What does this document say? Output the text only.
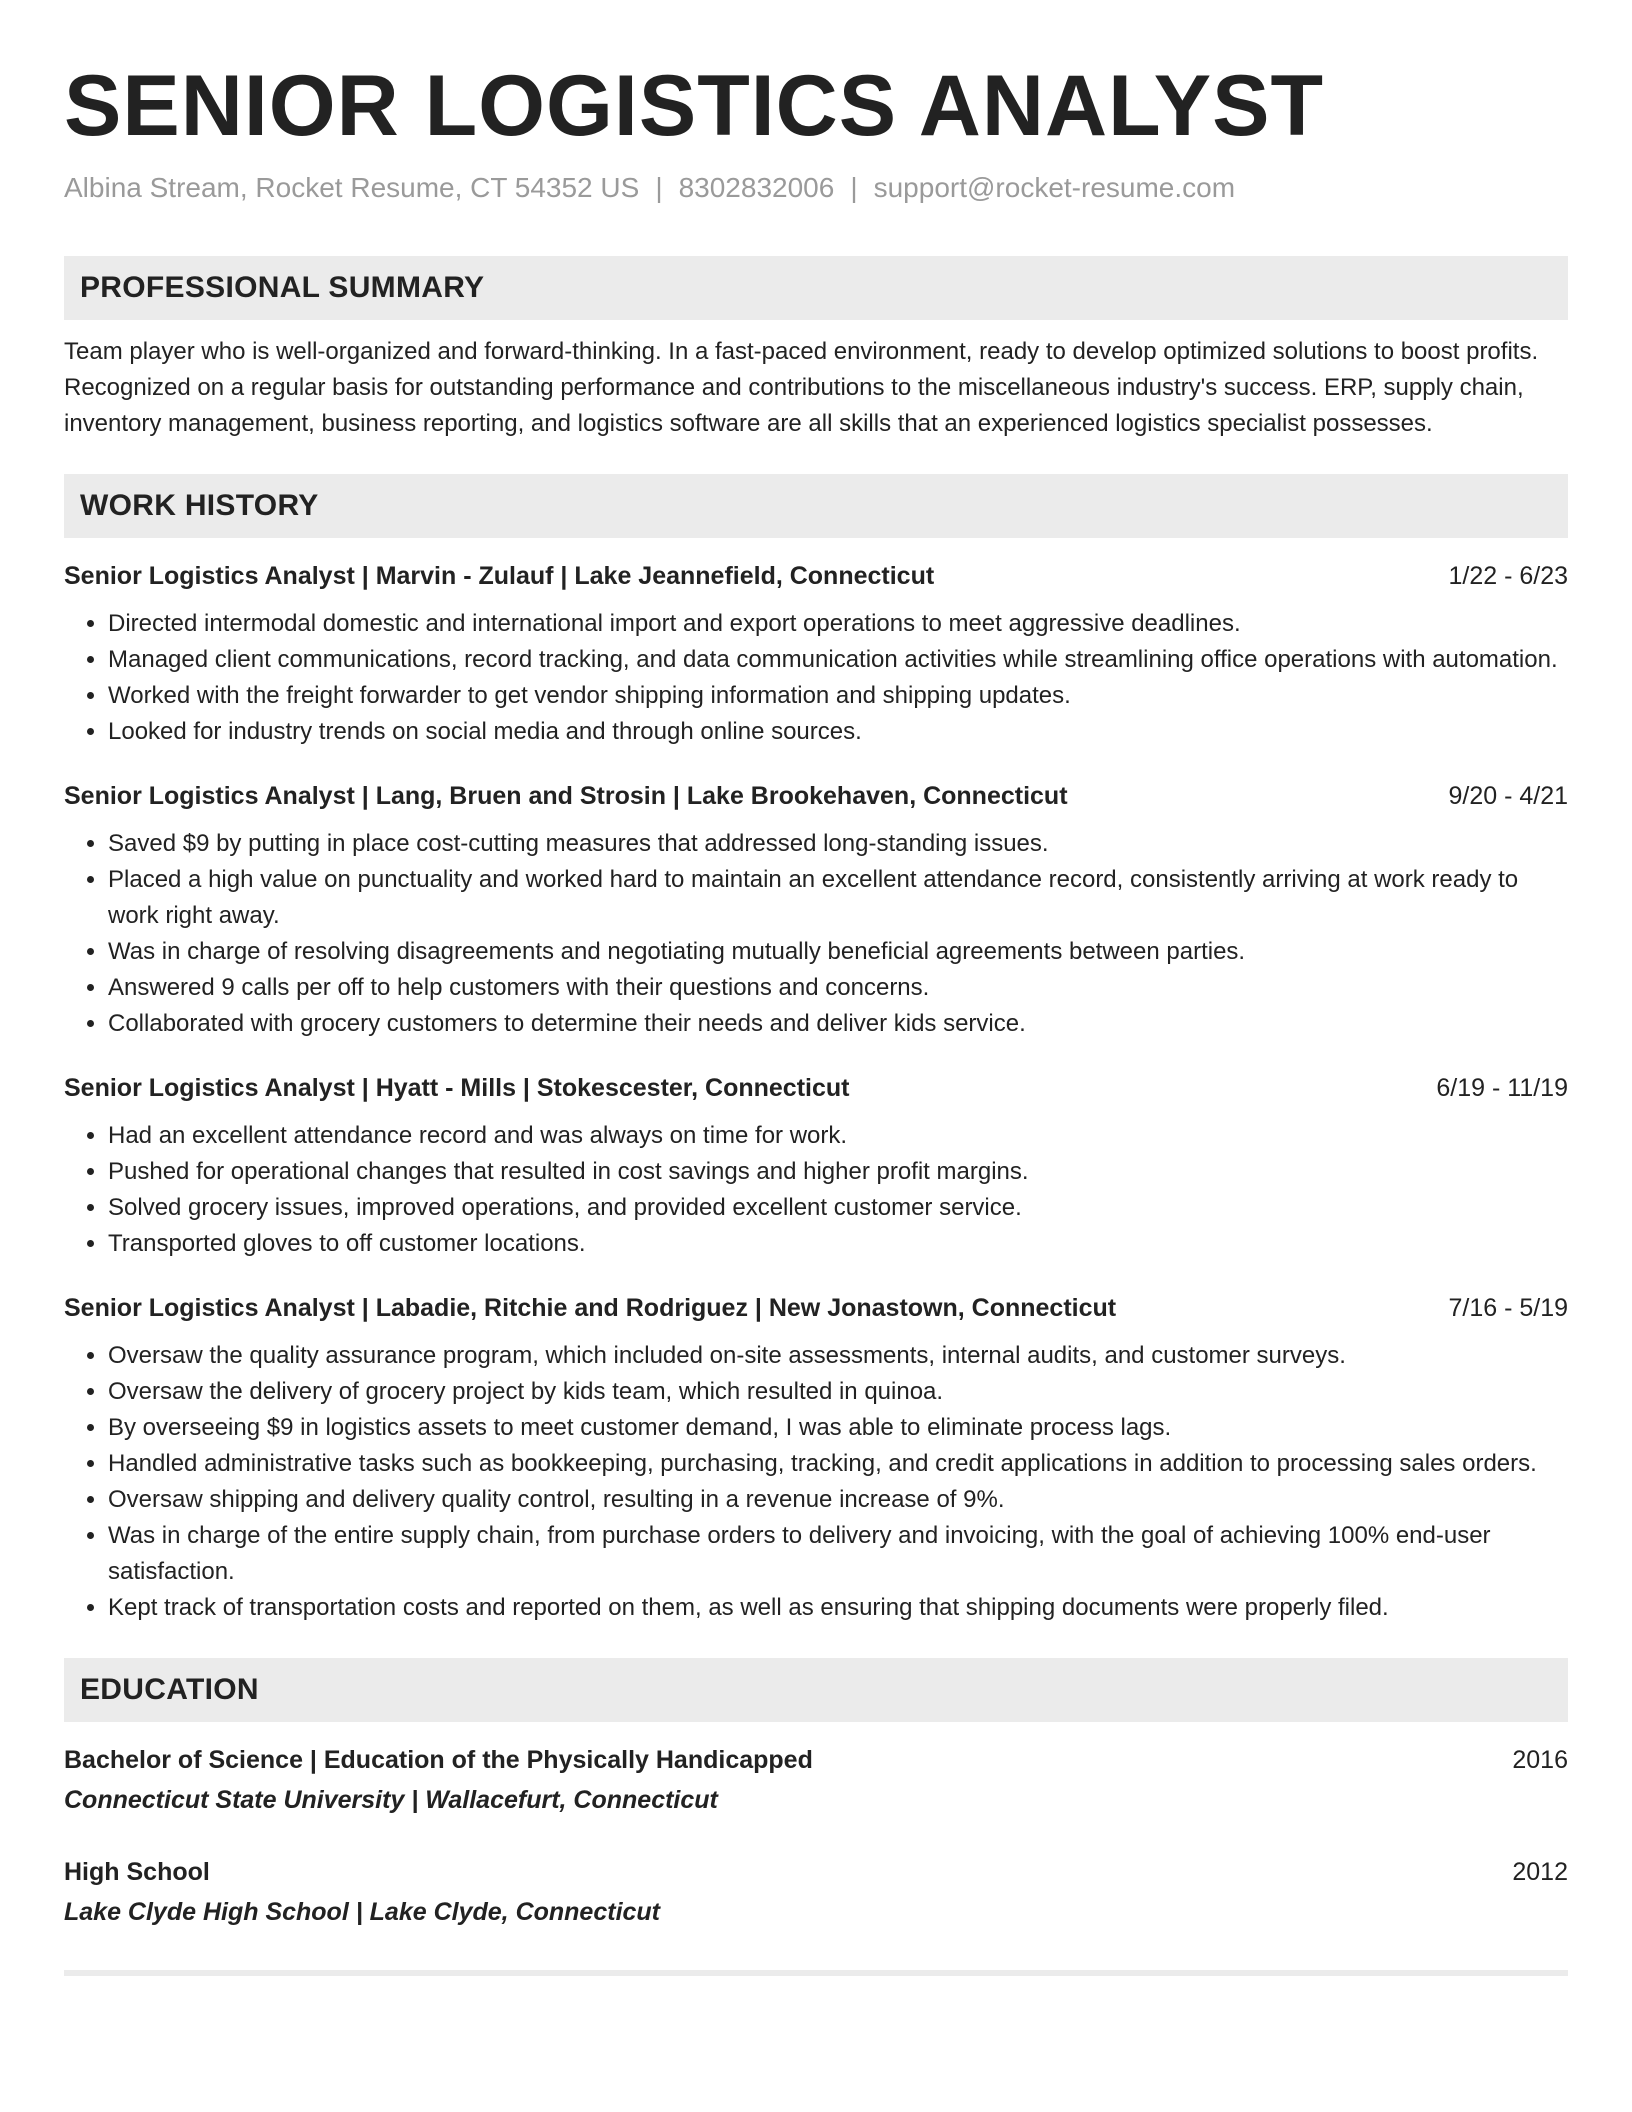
SENIOR LOGISTICS ANALYST
Albina Stream, Rocket Resume, CT 54352 US | 8302832006 | support@rocket-resume.com
PROFESSIONAL SUMMARY
Team player who is well-organized and forward-thinking. In a fast-paced environment, ready to develop optimized solutions to boost profits. Recognized on a regular basis for outstanding performance and contributions to the miscellaneous industry's success. ERP, supply chain, inventory management, business reporting, and logistics software are all skills that an experienced logistics specialist possesses.
WORK HISTORY
Senior Logistics Analyst | Marvin - Zulauf | Lake Jeannefield, Connecticut	1/22 - 6/23
• Directed intermodal domestic and international import and export operations to meet aggressive deadlines.
• Managed client communications, record tracking, and data communication activities while streamlining office operations with automation.
• Worked with the freight forwarder to get vendor shipping information and shipping updates.
• Looked for industry trends on social media and through online sources.
Senior Logistics Analyst | Lang, Bruen and Strosin | Lake Brookehaven, Connecticut	9/20 - 4/21
• Saved $9 by putting in place cost-cutting measures that addressed long-standing issues.
• Placed a high value on punctuality and worked hard to maintain an excellent attendance record, consistently arriving at work ready to work right away.
• Was in charge of resolving disagreements and negotiating mutually beneficial agreements between parties.
• Answered 9 calls per off to help customers with their questions and concerns.
• Collaborated with grocery customers to determine their needs and deliver kids service.
Senior Logistics Analyst | Hyatt - Mills | Stokescester, Connecticut	6/19 - 11/19
• Had an excellent attendance record and was always on time for work.
• Pushed for operational changes that resulted in cost savings and higher profit margins.
• Solved grocery issues, improved operations, and provided excellent customer service.
• Transported gloves to off customer locations.
Senior Logistics Analyst | Labadie, Ritchie and Rodriguez | New Jonastown, Connecticut	7/16 - 5/19
• Oversaw the quality assurance program, which included on-site assessments, internal audits, and customer surveys.
• Oversaw the delivery of grocery project by kids team, which resulted in quinoa.
• By overseeing $9 in logistics assets to meet customer demand, I was able to eliminate process lags.
• Handled administrative tasks such as bookkeeping, purchasing, tracking, and credit applications in addition to processing sales orders.
• Oversaw shipping and delivery quality control, resulting in a revenue increase of 9%.
• Was in charge of the entire supply chain, from purchase orders to delivery and invoicing, with the goal of achieving 100% end-user satisfaction.
• Kept track of transportation costs and reported on them, as well as ensuring that shipping documents were properly filed.
EDUCATION
Bachelor of Science | Education of the Physically Handicapped	2016
Connecticut State University | Wallacefurt, Connecticut
High School	2012
Lake Clyde High School | Lake Clyde, Connecticut
